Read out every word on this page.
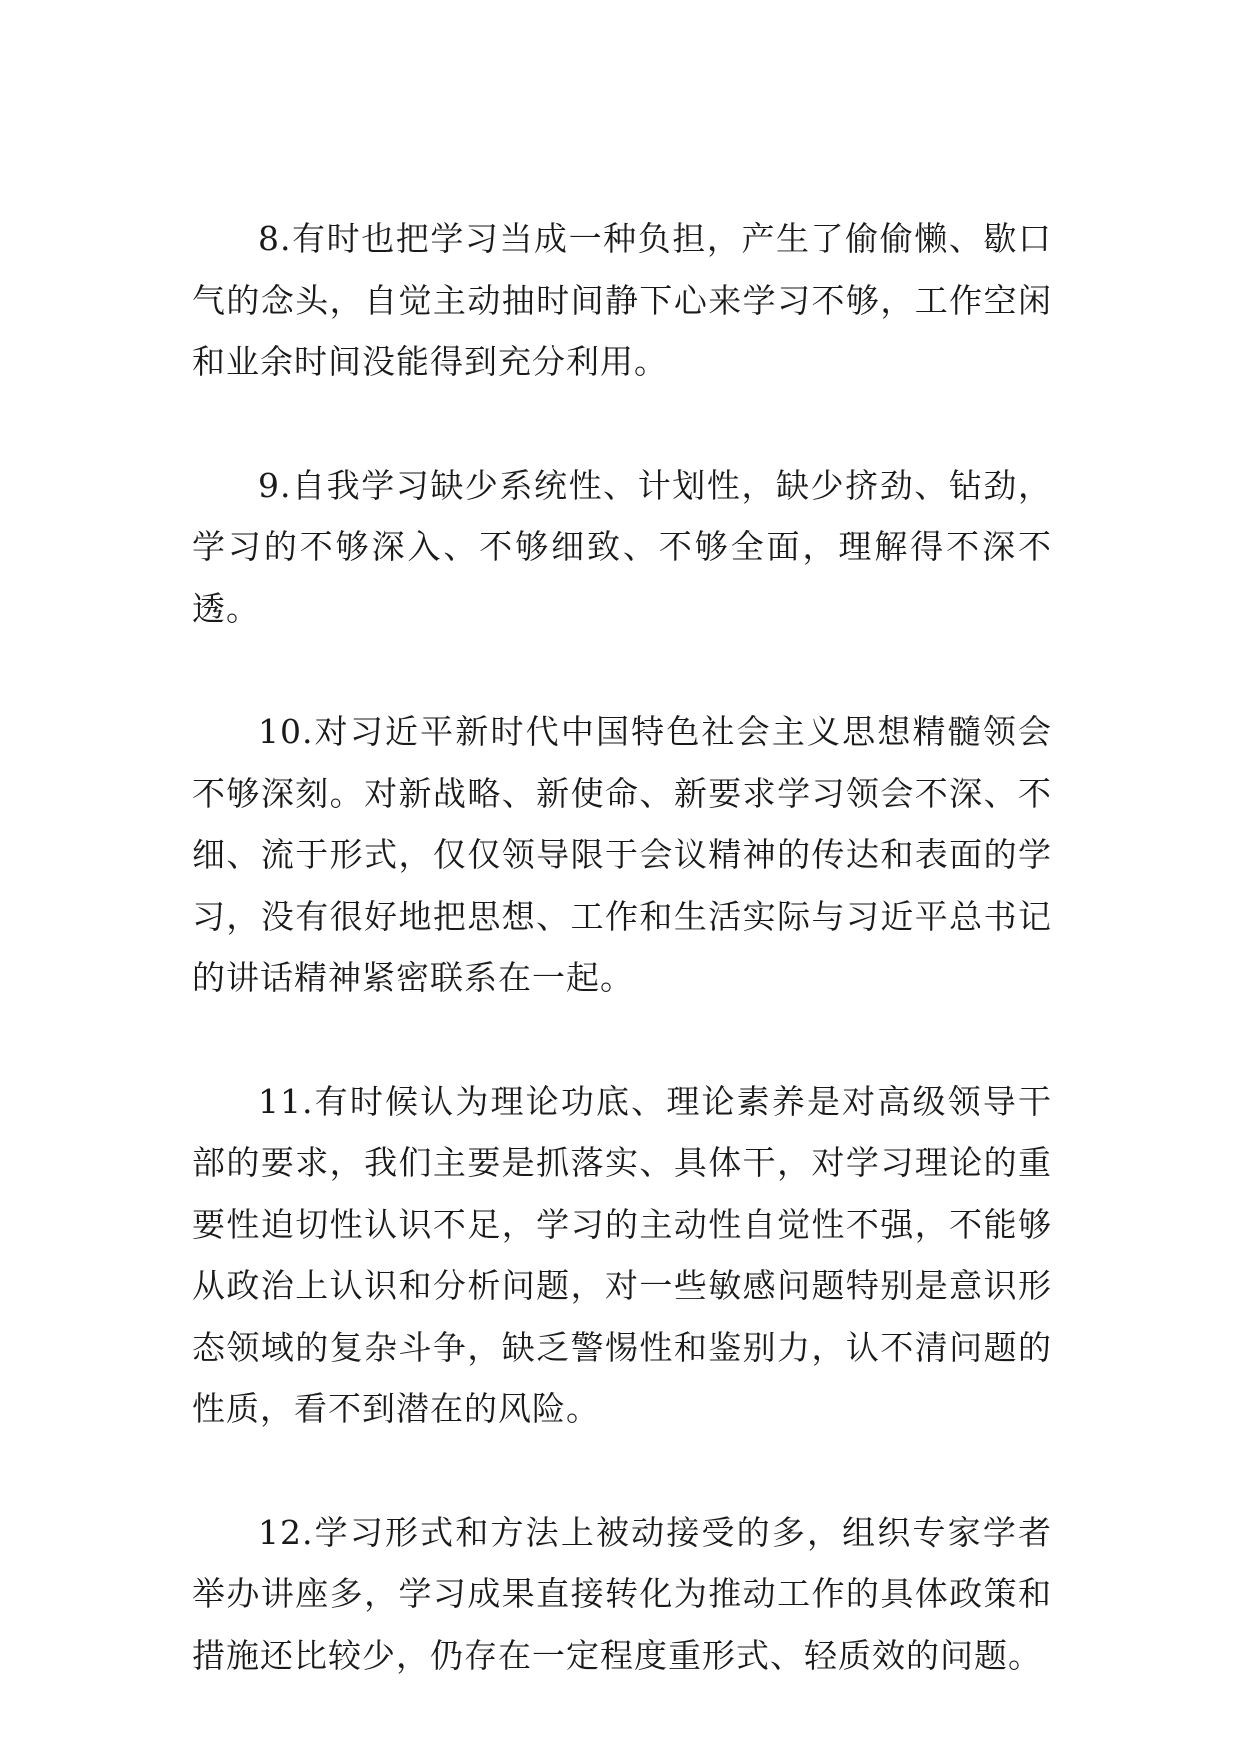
8.有时也把学习当成一种负担，产生了偷偷懒、歇口气的念头，自觉主动抽时间静下心来学习不够，工作空闲和业余时间没能得到充分利用。

9.自我学习缺少系统性、计划性，缺少挤劲、钻劲，学习的不够深入、不够细致、不够全面，理解得不深不透。

10.对习近平新时代中国特色社会主义思想精髓领会不够深刻。对新战略、新使命、新要求学习领会不深、不细、流于形式，仅仅领导限于会议精神的传达和表面的学习，没有很好地把思想、工作和生活实际与习近平总书记的讲话精神紧密联系在一起。

11.有时候认为理论功底、理论素养是对高级领导干部的要求，我们主要是抓落实、具体干，对学习理论的重要性迫切性认识不足，学习的主动性自觉性不强，不能够从政治上认识和分析问题，对一些敏感问题特别是意识形态领域的复杂斗争，缺乏警惕性和鉴别力，认不清问题的性质，看不到潜在的风险。

12.学习形式和方法上被动接受的多，组织专家学者举办讲座多，学习成果直接转化为推动工作的具体政策和措施还比较少，仍存在一定程度重形式、轻质效的问题。
